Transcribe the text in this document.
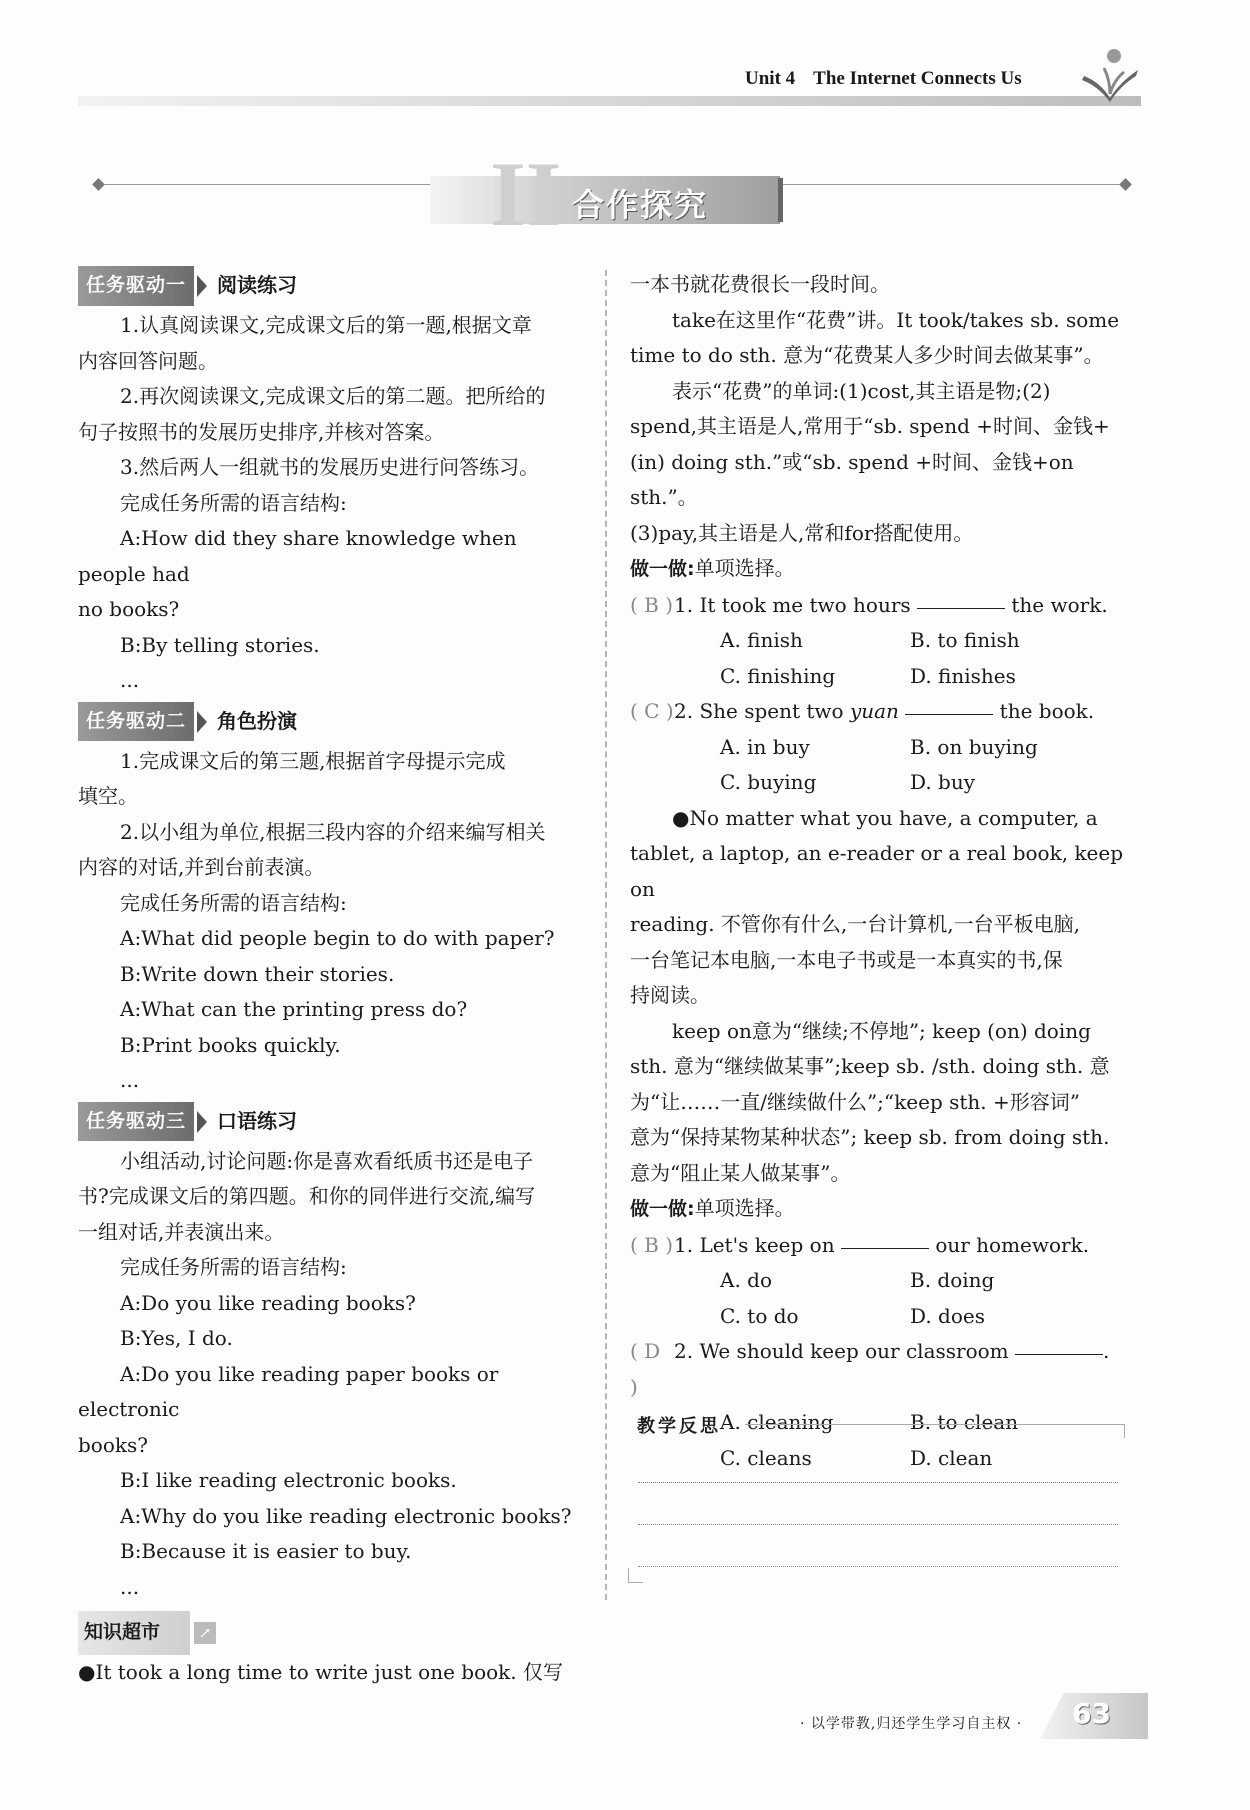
Unit 4 The Internet Connects Us
II 合作探究
任务驱动一	阅读练习

1.认真阅读课文,完成课文后的第一题,根据文章

内容回答问题。

2.再次阅读课文,完成课文后的第二题。把所给的

句子按照书的发展历史排序,并核对答案。

3.然后两人一组就书的发展历史进行问答练习。

完成任务所需的语言结构:

A:How did they share knowledge when people had

no books?

B:By telling stories.

...

任务驱动二	角色扮演

1.完成课文后的第三题,根据首字母提示完成

填空。

2.以小组为单位,根据三段内容的介绍来编写相关

内容的对话,并到台前表演。

完成任务所需的语言结构:

A:What did people begin to do with paper?

B:Write down their stories.

A:What can the printing press do?

B:Print books quickly.

...

任务驱动三	口语练习

小组活动,讨论问题:你是喜欢看纸质书还是电子

书?完成课文后的第四题。和你的同伴进行交流,编写

一组对话,并表演出来。

完成任务所需的语言结构:

A:Do you like reading books?

B:Yes, I do.

A:Do you like reading paper books or electronic

books?

B:I like reading electronic books.

A:Why do you like reading electronic books?

B:Because it is easier to buy.

...

知识超市	↗

●It took a long time to write just one book. 仅写

一本书就花费很长一段时间。

take在这里作“花费”讲。It took/takes sb. some

time to do sth. 意为“花费某人多少时间去做某事”。

表示“花费”的单词:(1)cost,其主语是物;(2)

spend,其主语是人,常用于“sb. spend +时间、金钱+

(in) doing sth.”或“sb. spend +时间、金钱+on sth.”。

(3)pay,其主语是人,常和for搭配使用。

做一做:单项选择。

( B ) 1. It took me two hours

	the work.

A. finish	B. to finish
C. finishing	D. finishes

( C ) 2. She spent two
yuan

	the book.

A. in buy	B. on buying
C. buying	D. buy

●No matter what you have, a computer, a

tablet, a laptop, an e-reader or a real book, keep on

reading. 不管你有什么,一台计算机,一台平板电脑,

一台笔记本电脑,一本电子书或是一本真实的书,保

持阅读。

keep on意为“继续;不停地”; keep (on) doing

sth. 意为“继续做某事”;keep sb. /sth. doing sth. 意

为“让……一直/继续做什么”;“keep sth. +形容词”

意为“保持某物某种状态”; keep sb. from doing sth.

意为“阻止某人做某事”。

做一做:单项选择。

( B ) 1. Let's keep on

	our homework.

A. do	B. doing
C. to do	D. does

( D )
2. We should keep our classroom
	.

A. cleaning	B. to clean
C. cleans	D. clean
教学反思
· 以学带教,归还学生学习自主权 · 63
